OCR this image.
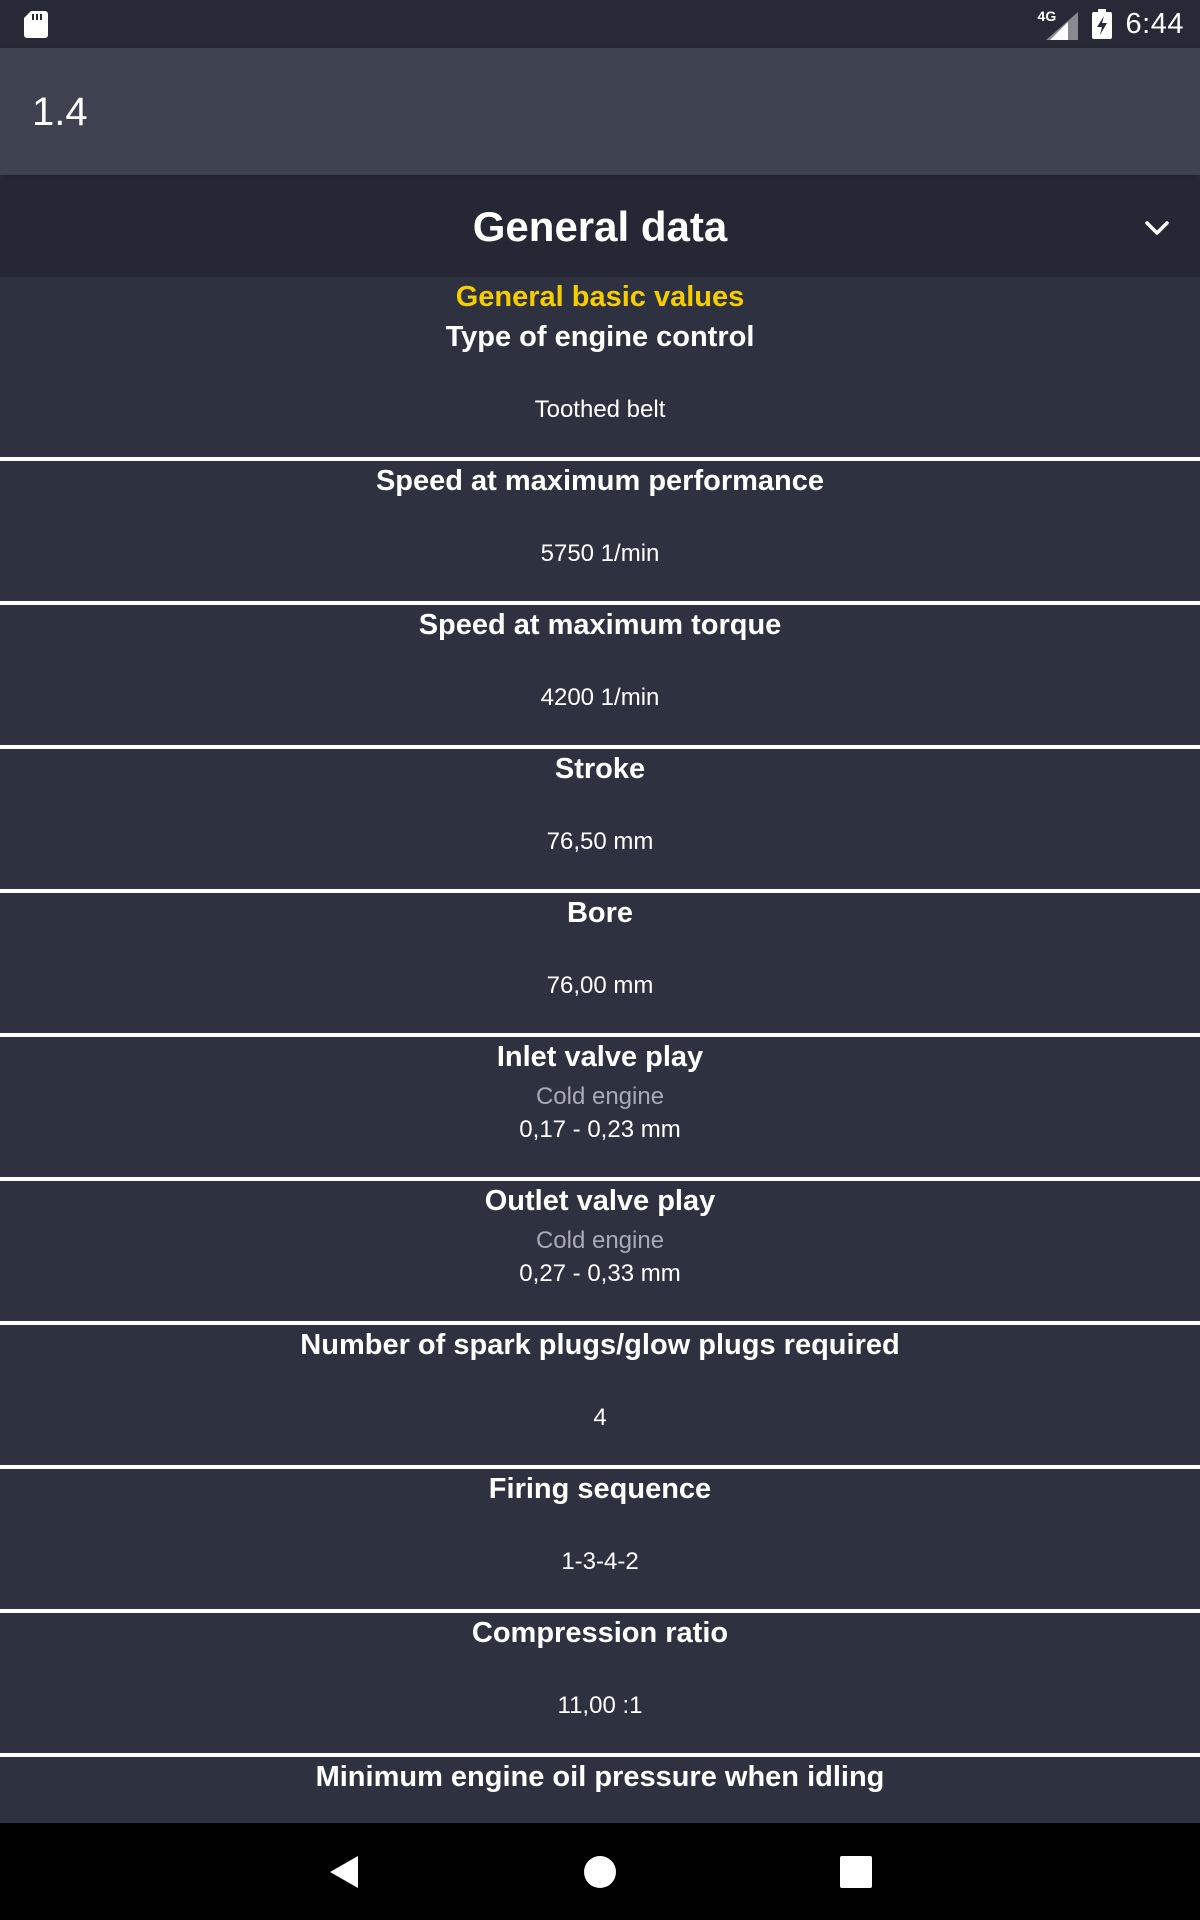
4G 6:44
1.4
General data
General basic values
Type of engine control
Toothed belt
Speed at maximum performance
5750 1/min
Speed at maximum torque
4200 1/min
Stroke
76,50 mm
Bore
76,00 mm
Inlet valve play
Cold engine
0,17 - 0,23 mm
Outlet valve play
Cold engine
0,27 - 0,33 mm
Number of spark plugs/glow plugs required
4
Firing sequence
1-3-4-2
Compression ratio
11,00 :1
Minimum engine oil pressure when idling
